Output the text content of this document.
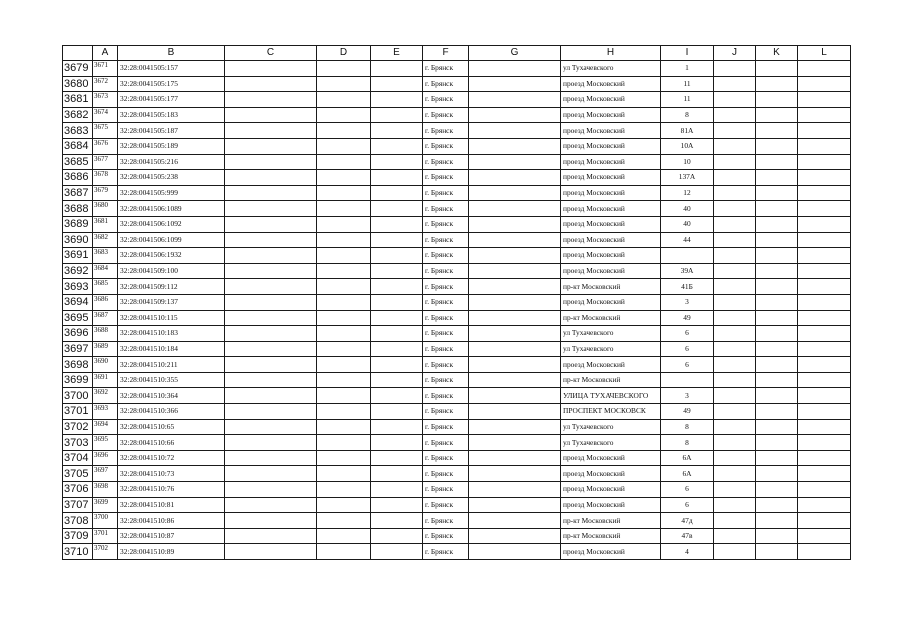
	A	B	C	D	E	F	G	H	I	J	K	L
3679	3671	32:28:0041505:157				г. Брянск		ул Тухачевского	1			
3680	3672	32:28:0041505:175				г. Брянск		проезд Московский	11			
3681	3673	32:28:0041505:177				г. Брянск		проезд Московский	11			
3682	3674	32:28:0041505:183				г. Брянск		проезд Московский	8			
3683	3675	32:28:0041505:187				г. Брянск		проезд Московский	81А			
3684	3676	32:28:0041505:189				г. Брянск		проезд Московский	10А			
3685	3677	32:28:0041505:216				г. Брянск		проезд Московский	10			
3686	3678	32:28:0041505:238				г. Брянск		проезд Московский	137А			
3687	3679	32:28:0041505:999				г. Брянск		проезд Московский	12			
3688	3680	32:28:0041506:1089				г. Брянск		проезд Московский	40			
3689	3681	32:28:0041506:1092				г. Брянск		проезд Московский	40			
3690	3682	32:28:0041506:1099				г. Брянск		проезд Московский	44			
3691	3683	32:28:0041506:1932				г. Брянск		проезд Московский				
3692	3684	32:28:0041509:100				г. Брянск		проезд Московский	39А			
3693	3685	32:28:0041509:112				г. Брянск		пр-кт Московский	41Б			
3694	3686	32:28:0041509:137				г. Брянск		проезд Московский	3			
3695	3687	32:28:0041510:115				г. Брянск		пр-кт Московский	49			
3696	3688	32:28:0041510:183				г. Брянск		ул Тухачевского	6			
3697	3689	32:28:0041510:184				г. Брянск		ул Тухачевского	6			
3698	3690	32:28:0041510:211				г. Брянск		проезд Московский	6			
3699	3691	32:28:0041510:355				г. Брянск		пр-кт Московский				
3700	3692	32:28:0041510:364				г. Брянск		УЛИЦА ТУХАЧЕВСКОГО	3			
3701	3693	32:28:0041510:366				г. Брянск		ПРОСПЕКТ МОСКОВСК	49			
3702	3694	32:28:0041510:65				г. Брянск		ул Тухачевского	8			
3703	3695	32:28:0041510:66				г. Брянск		ул Тухачевского	8			
3704	3696	32:28:0041510:72				г. Брянск		проезд Московский	6А			
3705	3697	32:28:0041510:73				г. Брянск		проезд Московский	6А			
3706	3698	32:28:0041510:76				г. Брянск		проезд Московский	6			
3707	3699	32:28:0041510:81				г. Брянск		проезд Московский	6			
3708	3700	32:28:0041510:86				г. Брянск		пр-кт Московский	47д			
3709	3701	32:28:0041510:87				г. Брянск		пр-кт Московский	47в			
3710	3702	32:28:0041510:89				г. Брянск		проезд Московский	4			
